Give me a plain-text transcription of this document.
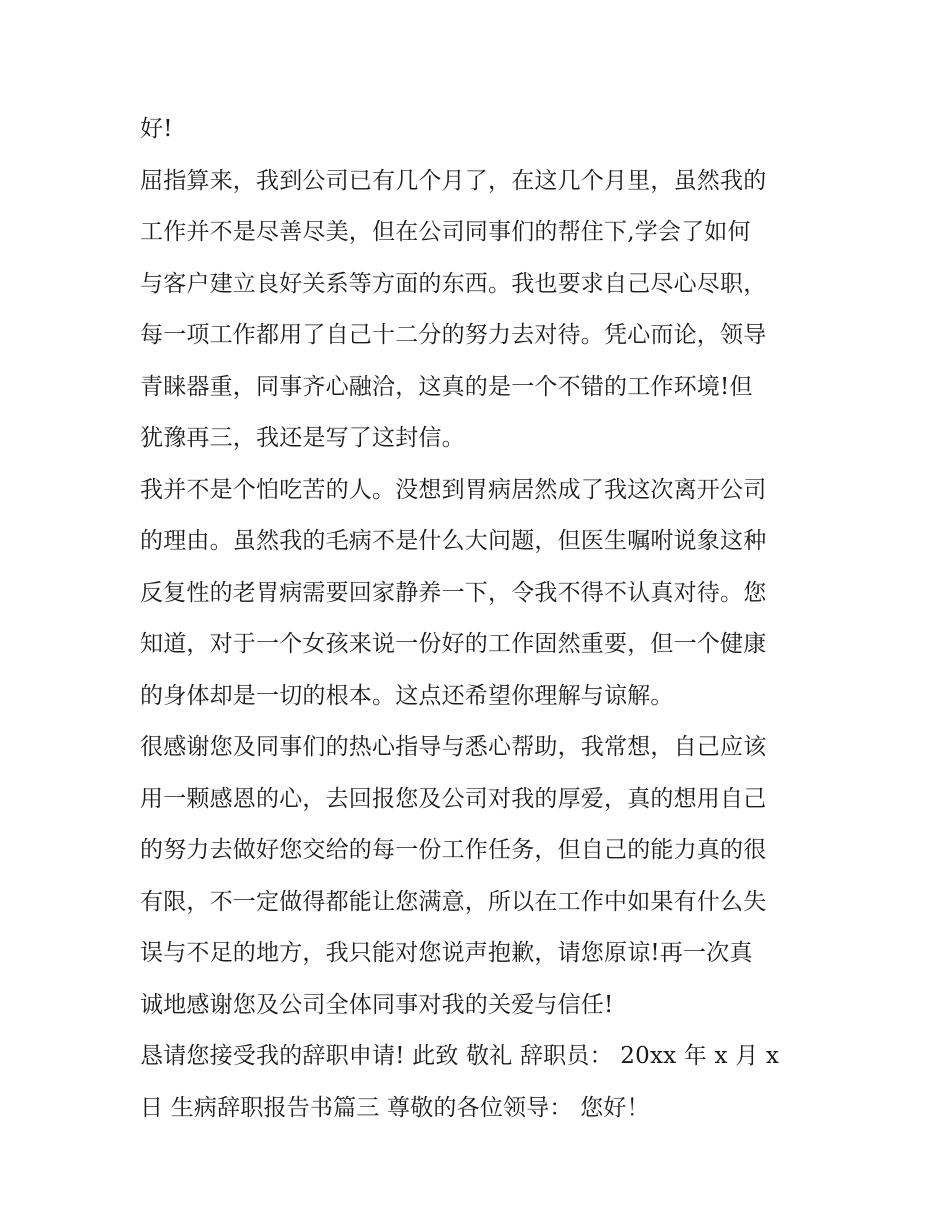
好!
屈指算来，我到公司已有几个月了，在这几个月里，虽然我的
工作并不是尽善尽美，但在公司同事们的帮住下,学会了如何
与客户建立良好关系等方面的东西。我也要求自己尽心尽职，
每一项工作都用了自己十二分的努力去对待。凭心而论，领导
青睐器重，同事齐心融洽，这真的是一个不错的工作环境!但
犹豫再三，我还是写了这封信。
我并不是个怕吃苦的人。没想到胃病居然成了我这次离开公司
的理由。虽然我的毛病不是什么大问题，但医生嘱咐说象这种
反复性的老胃病需要回家静养一下，令我不得不认真对待。您
知道，对于一个女孩来说一份好的工作固然重要，但一个健康
的身体却是一切的根本。这点还希望你理解与谅解。
很感谢您及同事们的热心指导与悉心帮助，我常想，自己应该
用一颗感恩的心，去回报您及公司对我的厚爱，真的想用自己
的努力去做好您交给的每一份工作任务，但自己的能力真的很
有限，不一定做得都能让您满意，所以在工作中如果有什么失
误与不足的地方，我只能对您说声抱歉，请您原谅!再一次真
诚地感谢您及公司全体同事对我的关爱与信任!
恳请您接受我的辞职申请! 此致 敬礼 辞职员： 20xx 年 x 月 x
日 生病辞职报告书篇三 尊敬的各位领导： 您好！
